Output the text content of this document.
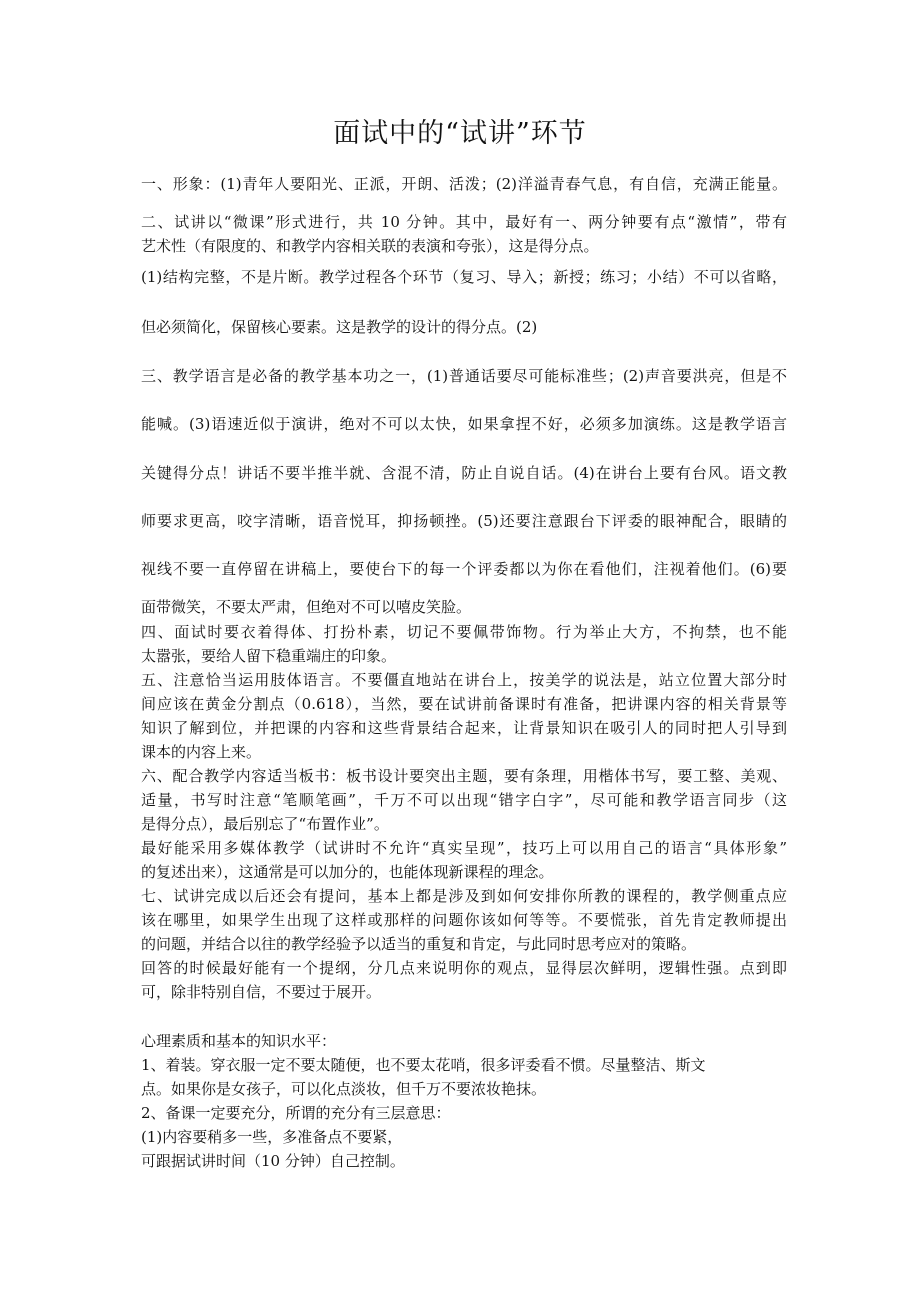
面试中的“试讲”环节

一、形象：(1)青年人要阳光、正派，开朗、活泼；(2)洋溢青春气息，有自信，充满正能量。

二、试讲以“微课”形式进行，共 10 分钟。其中，最好有一、两分钟要有点“激情”，带有

艺术性（有限度的、和教学内容相关联的表演和夸张），这是得分点。

(1)结构完整，不是片断。教学过程各个环节（复习、导入；新授；练习；小结）不可以省略，

但必须简化，保留核心要素。这是教学的设计的得分点。(2)

三、教学语言是必备的教学基本功之一，(1)普通话要尽可能标准些；(2)声音要洪亮，但是不

能喊。(3)语速近似于演讲，绝对不可以太快，如果拿捏不好，必须多加演练。这是教学语言

关键得分点！讲话不要半推半就、含混不清，防止自说自话。(4)在讲台上要有台风。语文教

师要求更高，咬字清晰，语音悦耳，抑扬顿挫。(5)还要注意跟台下评委的眼神配合，眼睛的

视线不要一直停留在讲稿上，要使台下的每一个评委都以为你在看他们，注视着他们。(6)要

面带微笑，不要太严肃，但绝对不可以嘻皮笑脸。

四、面试时要衣着得体、打扮朴素，切记不要佩带饰物。行为举止大方，不拘禁，也不能

太嚣张，要给人留下稳重端庄的印象。

五、注意恰当运用肢体语言。不要僵直地站在讲台上，按美学的说法是，站立位置大部分时

间应该在黄金分割点（0.618），当然，要在试讲前备课时有准备，把讲课内容的相关背景等

知识了解到位，并把课的内容和这些背景结合起来，让背景知识在吸引人的同时把人引导到

课本的内容上来。

六、配合教学内容适当板书：板书设计要突出主题，要有条理，用楷体书写，要工整、美观、

适量，书写时注意“笔顺笔画”，千万不可以出现“错字白字”，尽可能和教学语言同步（这

是得分点），最后别忘了“布置作业”。

最好能采用多媒体教学（试讲时不允许“真实呈现”，技巧上可以用自己的语言“具体形象”

的复述出来），这通常是可以加分的，也能体现新课程的理念。

七、试讲完成以后还会有提问，基本上都是涉及到如何安排你所教的课程的，教学侧重点应

该在哪里，如果学生出现了这样或那样的问题你该如何等等。不要慌张，首先肯定教师提出

的问题，并结合以往的教学经验予以适当的重复和肯定，与此同时思考应对的策略。

回答的时候最好能有一个提纲，分几点来说明你的观点，显得层次鲜明，逻辑性强。点到即

可，除非特别自信，不要过于展开。

心理素质和基本的知识水平：

1、着装。穿衣服一定不要太随便，也不要太花哨，很多评委看不惯。尽量整洁、斯文

点。如果你是女孩子，可以化点淡妆，但千万不要浓妆艳抹。

2、备课一定要充分，所谓的充分有三层意思：

(1)内容要稍多一些，多准备点不要紧，

可跟据试讲时间（10 分钟）自己控制。
